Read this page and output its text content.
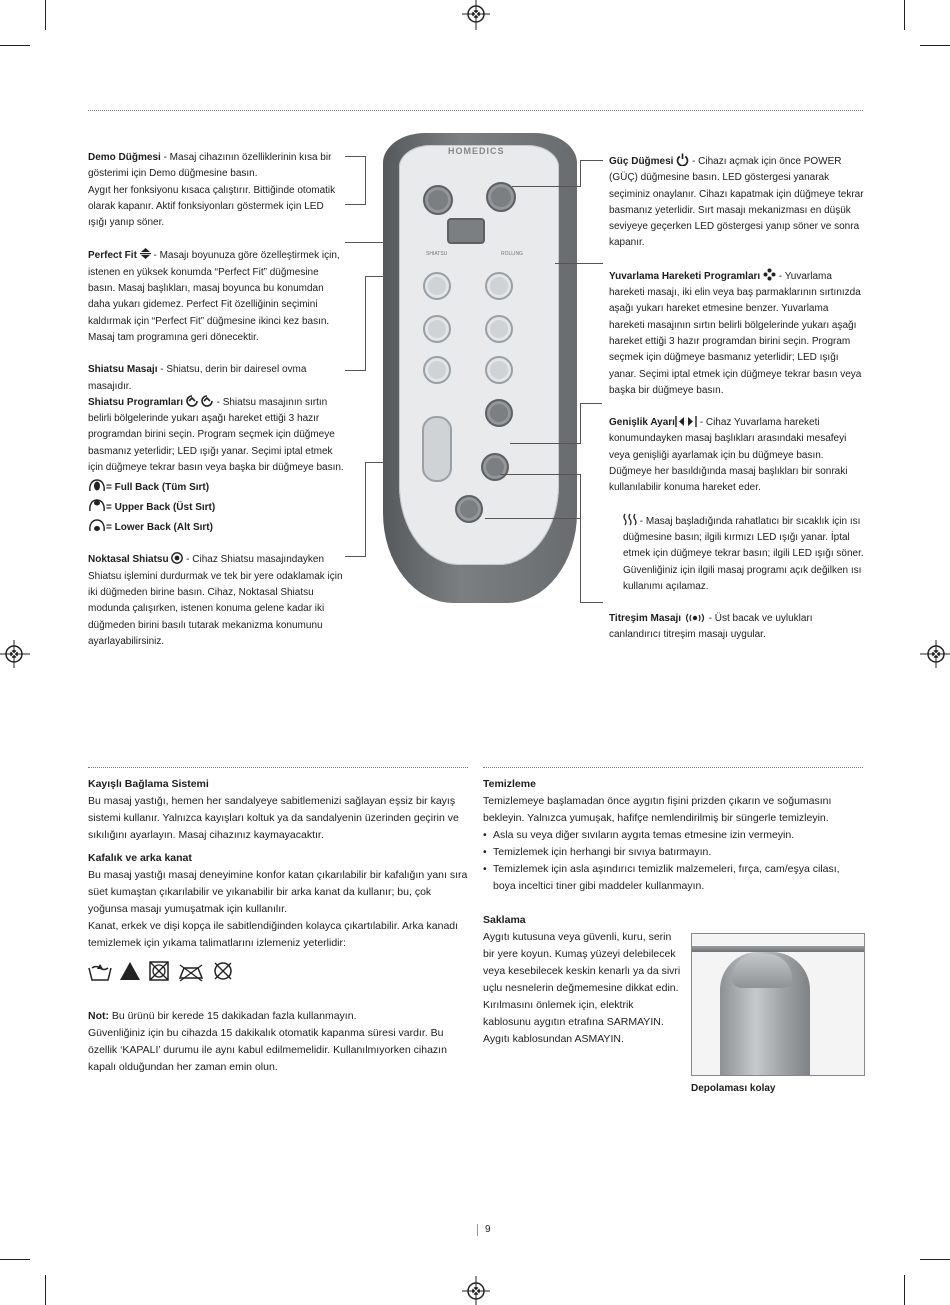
Demo Düğmesi - Masaj cihazının özelliklerinin kısa bir gösterimi için Demo düğmesine basın.
Aygıt her fonksiyonu kısaca çalıştırır. Bittiğinde otomatik olarak kapanır. Aktif fonksiyonları göstermek için LED ışığı yanıp söner.
Perfect Fit  - Masajı boyunuza göre özelleştirmek için, istenen en yüksek konumda “Perfect Fit” düğmesine basın. Masaj başlıkları, masaj boyunca bu konumdan daha yukarı gidemez. Perfect Fit özelliğinin seçimini kaldırmak için “Perfect Fit” düğmesine ikinci kez basın. Masaj tam programına geri dönecektir.
Shiatsu Masajı - Shiatsu, derin bir dairesel ovma masajıdır.
Shiatsu Programları	- Shiatsu masajının sırtın belirli bölgelerinde yukarı aşağı hareket ettiği 3 hazır programdan birini seçin. Program seçmek için düğmeye basmanız yeterlidir; LED ışığı yanar. Seçimi iptal etmek için düğmeye tekrar basın veya başka bir düğmeye basın.
= Full Back (Tüm Sırt)
= Upper Back (Üst Sırt)
= Lower Back (Alt Sırt)
Noktasal Shiatsu  - Cihaz Shiatsu masajındayken Shiatsu işlemini durdurmak ve tek bir yere odaklamak için iki düğmeden birine basın. Cihaz, Noktasal Shiatsu modunda çalışırken, istenen konuma gelene kadar iki düğmeden birini basılı tutarak mekanizma konumunu ayarlayabilirsiniz.
HOMEDICS
SHIATSU	ROLLING
Güç Düğmesi  - Cihazı açmak için önce POWER (GÜÇ) düğmesine basın. LED göstergesi yanarak seçiminiz onaylanır. Cihazı kapatmak için düğmeye tekrar basmanız yeterlidir. Sırt masajı mekanizması en düşük seviyeye geçerken LED göstergesi yanıp söner ve sonra kapanır.
Yuvarlama Hareketi Programları  - Yuvarlama hareketi masajı, iki elin veya baş parmaklarının sırtınızda aşağı yukarı hareket etmesine benzer. Yuvarlama hareketi masajının sırtın belirli bölgelerinde yukarı aşağı hareket ettiği 3 hazır programdan birini seçin. Program seçmek için düğmeye basmanız yeterlidir; LED ışığı yanar. Seçimi iptal etmek için düğmeye tekrar basın veya başka bir düğmeye basın.
Genişlik Ayarı - Cihaz Yuvarlama hareketi konumundayken masaj başlıkları arasındaki mesafeyi veya genişliği ayarlamak için bu düğmeye basın. Düğmeye her basıldığında masaj başlıkları bir sonraki kullanılabilir konuma hareket eder.
- Masaj başladığında rahatlatıcı bir sıcaklık için ısı düğmesine basın; ilgili kırmızı LED ışığı yanar. İptal etmek için düğmeye tekrar basın; ilgili LED ışığı söner. Güvenliğiniz için ilgili masaj programı açık değilken ısı kullanımı açılamaz.
Titreşim Masajı  - Üst bacak ve uylukları canlandırıcı titreşim masajı uygular.
Kayışlı Bağlama Sistemi
Bu masaj yastığı, hemen her sandalyeye sabitlemenizi sağlayan eşsiz bir kayış sistemi kullanır. Yalnızca kayışları koltuk ya da sandalyenin üzerinden geçirin ve sıkılığını ayarlayın. Masaj cihazınız kaymayacaktır.
Kafalık ve arka kanat
Bu masaj yastığı masaj deneyimine konfor katan çıkarılabilir bir kafalığın yanı sıra süet kumaştan çıkarılabilir ve yıkanabilir bir arka kanat da kullanır; bu, çok yoğunsa masajı yumuşatmak için kullanılır.
Kanat, erkek ve dişi kopça ile sabitlendiğinden kolayca çıkartılabilir. Arka kanadı temizlemek için yıkama talimatlarını izlemeniz yeterlidir:
Not: Bu ürünü bir kerede 15 dakikadan fazla kullanmayın.
Güvenliğiniz için bu cihazda 15 dakikalık otomatik kapanma süresi vardır. Bu özellik ‘KAPALI’ durumu ile aynı kabul edilmemelidir. Kullanılmıyorken cihazın kapalı olduğundan her zaman emin olun.
Temizleme
Temizlemeye başlamadan önce aygıtın fişini prizden çıkarın ve soğumasını bekleyin. Yalnızca yumuşak, hafifçe nemlendirilmiş bir süngerle temizleyin.
• Asla su veya diğer sıvıların aygıta temas etmesine izin vermeyin.
• Temizlemek için herhangi bir sıvıya batırmayın.
• Temizlemek için asla aşındırıcı temizlik malzemeleri, fırça, cam/eşya cilası, boya inceltici tiner gibi maddeler kullanmayın.
Saklama
Aygıtı kutusuna veya güvenli, kuru, serin bir yere koyun. Kumaş yüzeyi delebilecek veya kesebilecek keskin kenarlı ya da sivri uçlu nesnelerin değmemesine dikkat edin. Kırılmasını önlemek için, elektrik kablosunu aygıtın etrafına SARMAYIN. Aygıtı kablosundan ASMAYIN.
Depolaması kolay
9
